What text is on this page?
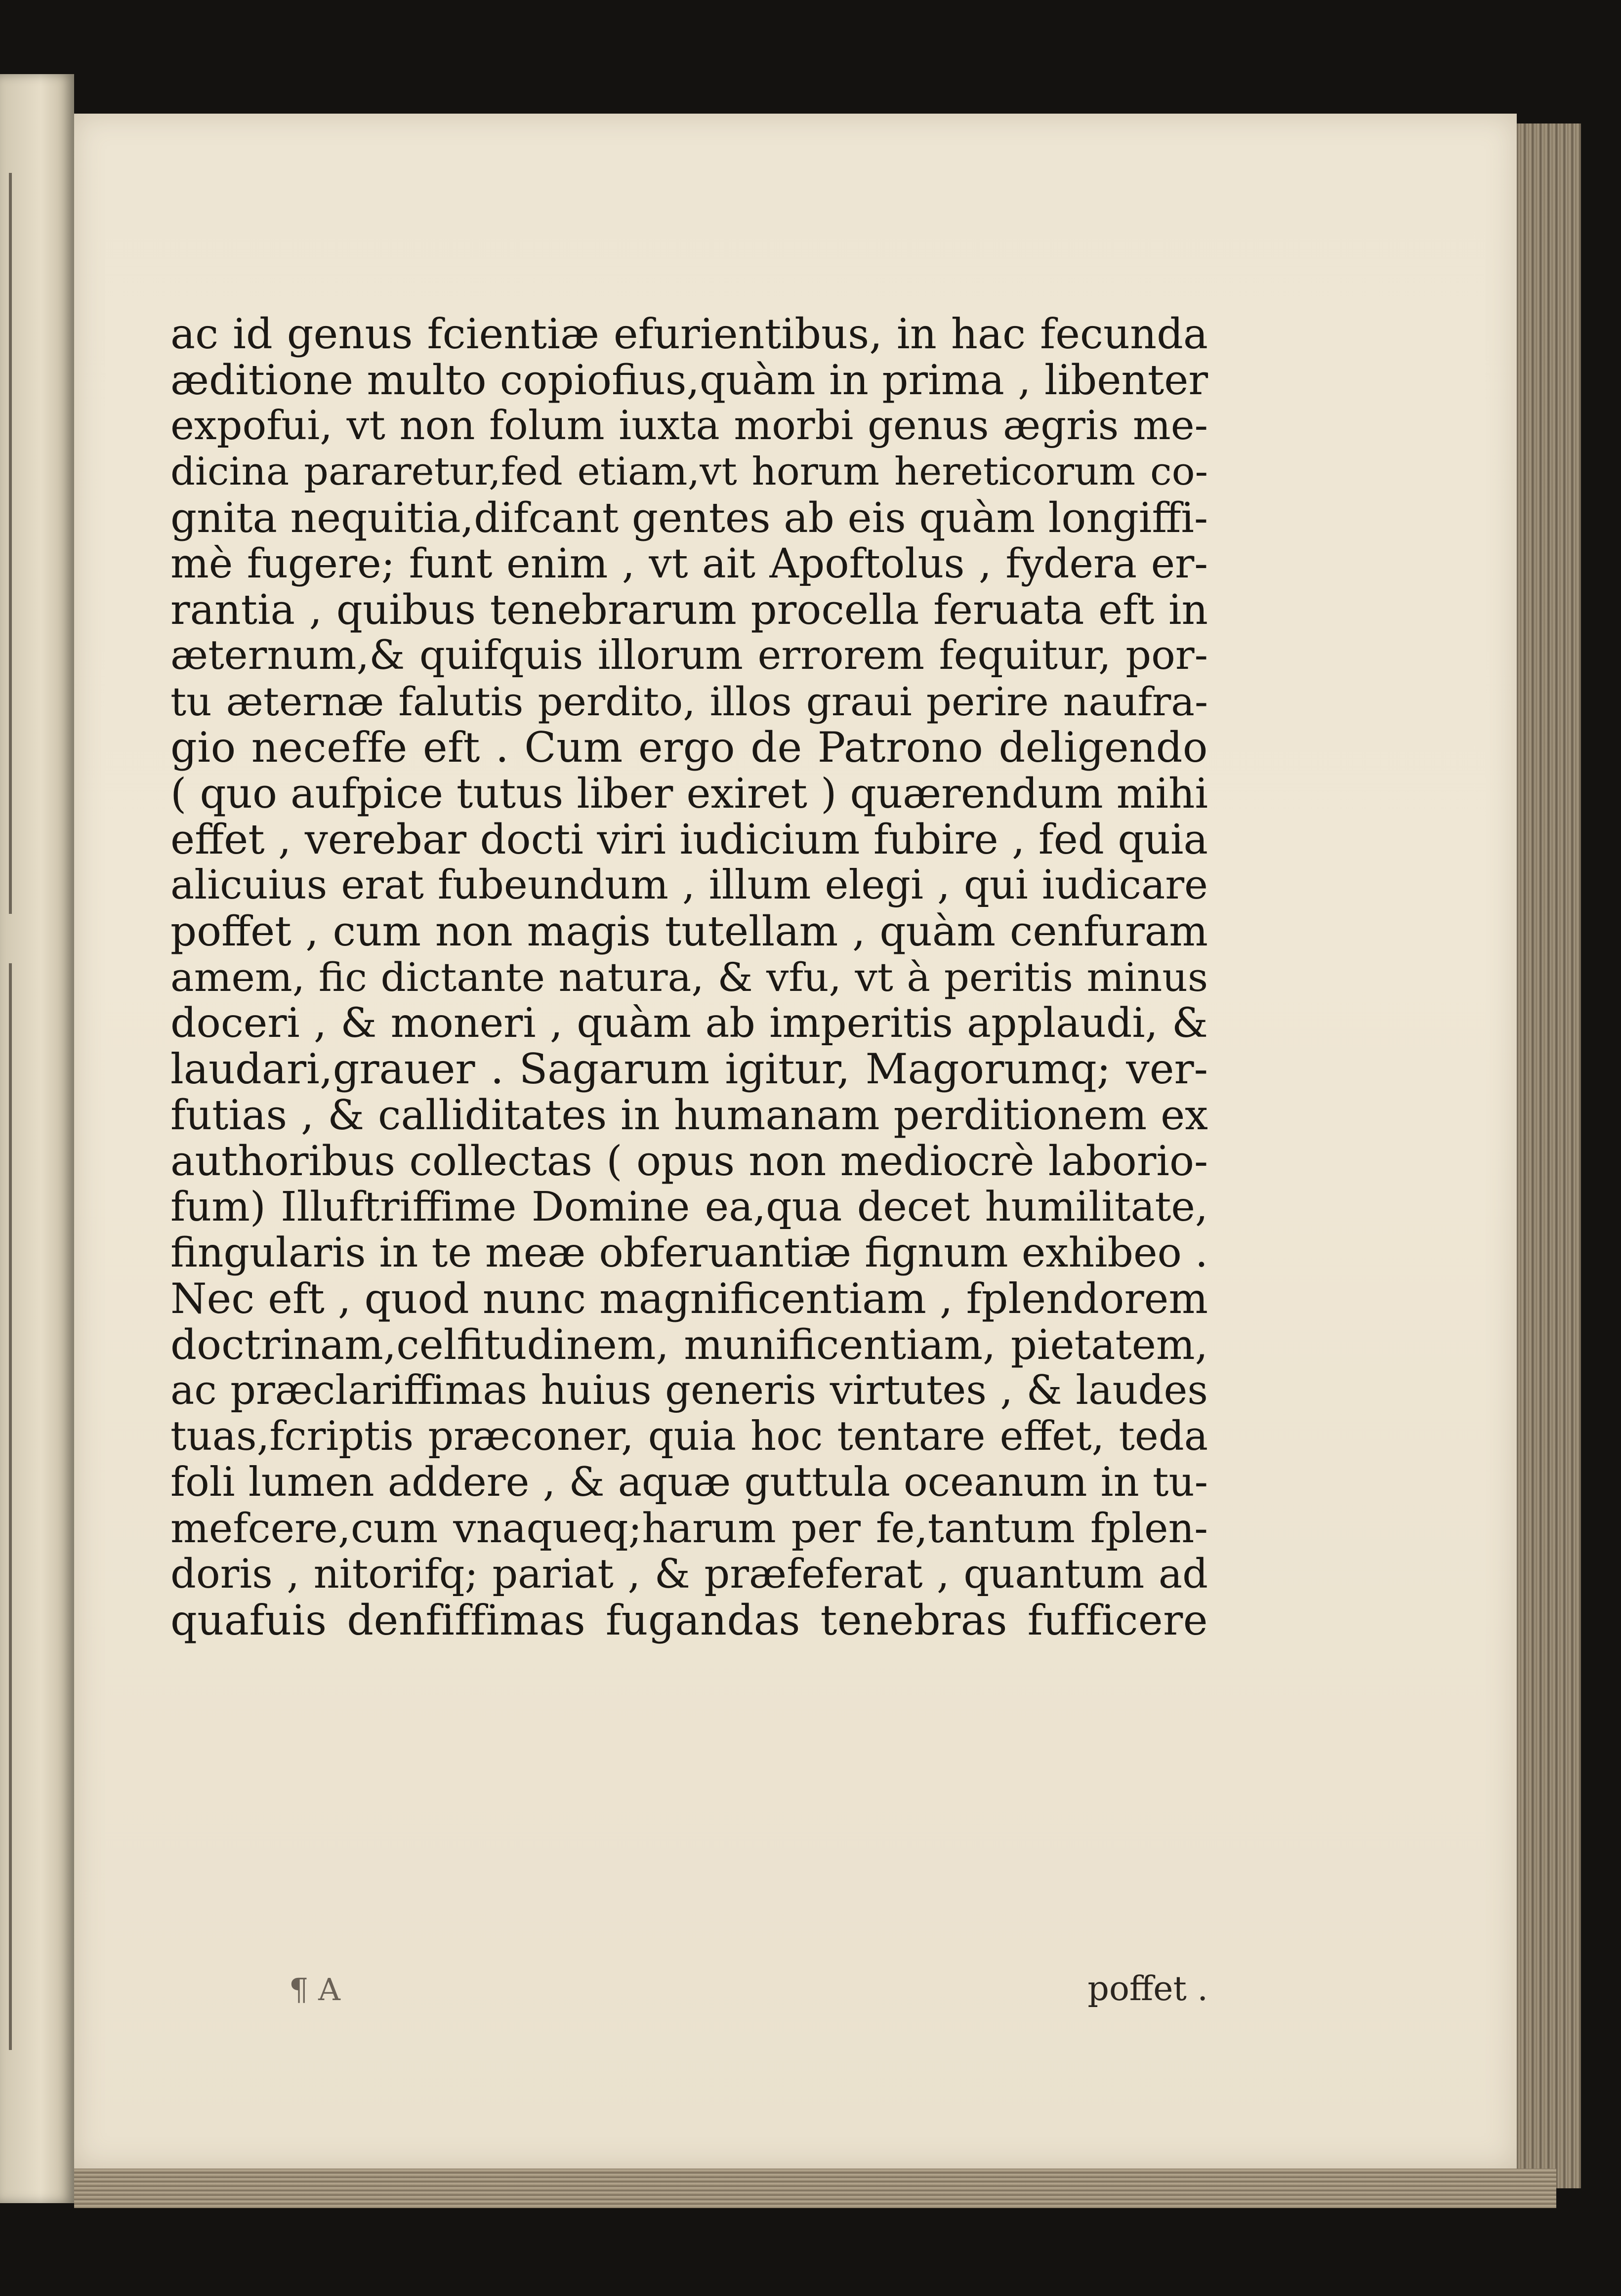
ac id genus fcientiæ efurientibus, in hac fecunda
æditione multo copiofius,quàm in prima , libenter
expofui, vt non folum iuxta morbi genus ægris me-
dicina pararetur,fed etiam,vt horum hereticorum co-
gnita nequitia,difcant gentes ab eis quàm longiffi-
mè fugere; funt enim , vt ait Apoftolus , fydera er-
rantia , quibus tenebrarum procella feruata eft in
æternum,& quifquis illorum errorem fequitur, por-
tu æternæ falutis perdito, illos graui perire naufra-
gio neceffe eft . Cum ergo de Patrono deligendo
( quo aufpice tutus liber exiret ) quærendum mihi
effet , verebar docti viri iudicium fubire , fed quia
alicuius erat fubeundum , illum elegi , qui iudicare
poffet , cum non magis tutellam , quàm cenfuram
amem, fic dictante natura, & vfu, vt à peritis minus
doceri , & moneri , quàm ab imperitis applaudi, &
laudari,grauer . Sagarum igitur, Magorumq; ver-
futias , & calliditates in humanam perditionem ex
authoribus collectas ( opus non mediocrè laborio-
fum) Illuftriffime Domine ea,qua decet humilitate,
fingularis in te meæ obferuantiæ fignum exhibeo .
Nec eft , quod nunc magnificentiam , fplendorem
doctrinam,celfitudinem, munificentiam, pietatem,
ac præclariffimas huius generis virtutes , & laudes
tuas,fcriptis præconer, quia hoc tentare effet, teda
foli lumen addere , & aquæ guttula oceanum in tu-
mefcere,cum vnaqueq;harum per fe,tantum fplen-
doris , nitorifq; pariat , & præfeferat , quantum ad
quafuis denfiffimas fugandas tenebras fufficere
¶ A	poffet .
